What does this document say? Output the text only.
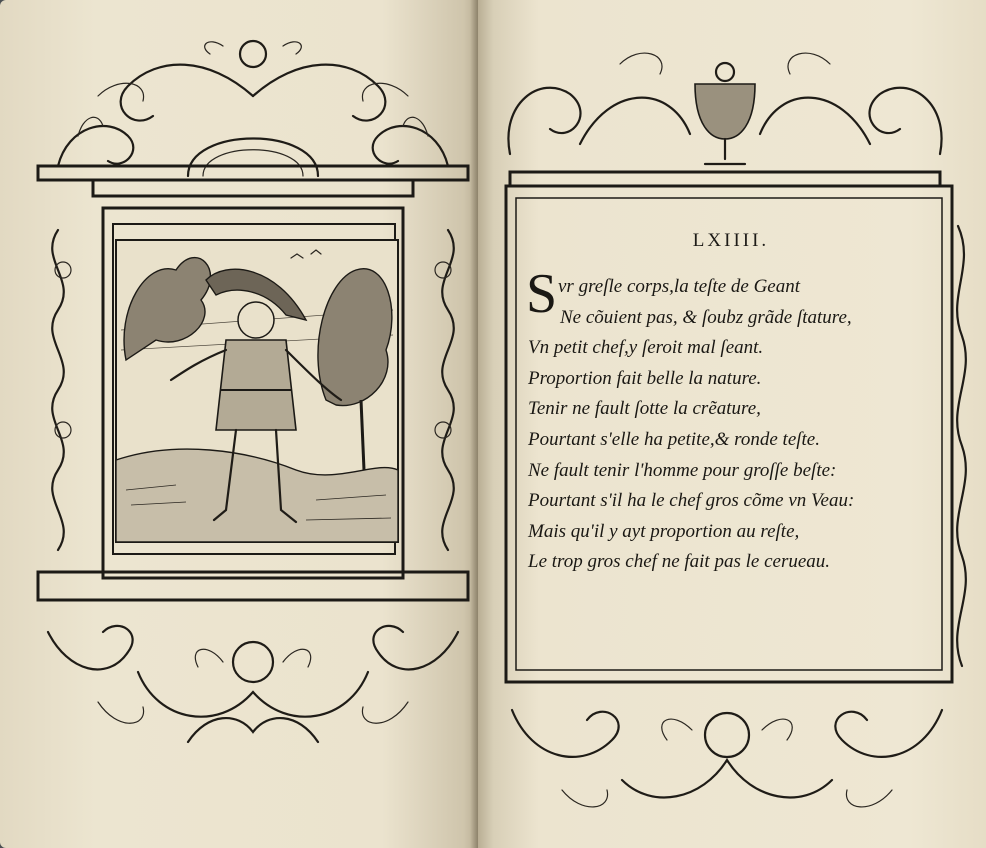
LXIIII.
S vr greſle corps,la teſte de Geant
Ne cõuient pas, & ſoubz grãde ſtature,
Vn petit chef,y ſeroit mal ſeant.
Proportion fait belle la nature.
Tenir ne fault ſotte la crẽature,
Pourtant s'elle ha petite,& ronde teſte.
Ne fault tenir l'homme pour groſſe beſte:
Pourtant s'il ha le chef gros cõme vn Veau:
Mais qu'il y ayt proportion au reſte,
Le trop gros chef ne fait pas le cerueau.
